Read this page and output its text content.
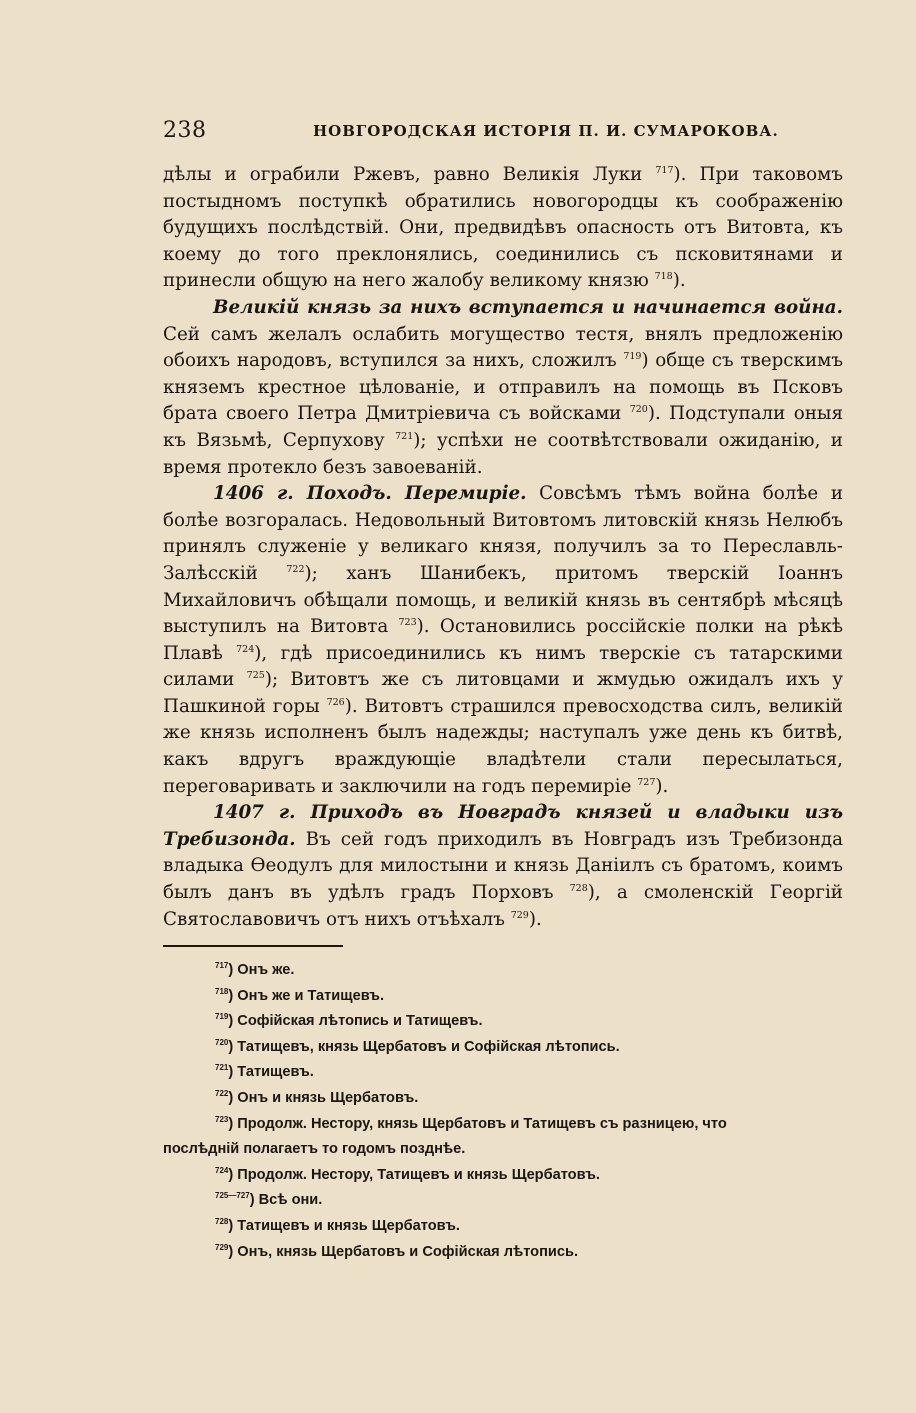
238	НОВГОРОДСКАЯ ИСТОРІЯ П. И. СУМАРОКОВА.

дѣлы и ограбили Ржевъ, равно Великія Луки $^{717}$). При таковомъ постыдномъ поступкѣ обратились новогородцы къ соображенію будущихъ послѣдствій. Они, предвидѣвъ опасность отъ Витовта, къ коему до того преклонялись, соединились съ псковитянами и принесли общую на него жалобу великому князю $^{718}$).

Великій князь за нихъ вступается и начинается война. Сей самъ желалъ ослабить могущество тестя, внялъ предложенію обоихъ народовъ, вступился за нихъ, сложилъ $^{719}$) обще съ тверскимъ княземъ крестное цѣлованіе, и отправилъ на помощь въ Псковъ брата своего Петра Дмитріевича съ войсками $^{720}$). Подступали оныя къ Вязьмѣ, Серпухову $^{721}$); успѣхи не соотвѣтствовали ожиданію, и время протекло безъ завоеваній.

1406 г. Походъ. Перемиріе. Совсѣмъ тѣмъ война болѣе и болѣе возгоралась. Недовольный Витовтомъ литовскій князь Нелюбъ принялъ служеніе у великаго князя, получилъ за то Переславль-Залѣсскій $^{722}$); ханъ Шанибекъ, притомъ тверскій Іоаннъ Михайловичъ обѣщали помощь, и великій князь въ сентябрѣ мѣсяцѣ выступилъ на Витовта $^{723}$). Остановились россійскіе полки на рѣкѣ Плавѣ $^{724}$), гдѣ присоединились къ нимъ тверскіе съ татарскими силами $^{725}$); Витовтъ же съ литовцами и жмудью ожидалъ ихъ у Пашкиной горы $^{726}$). Витовтъ страшился превосходства силъ, великій же князь исполненъ былъ надежды; наступалъ уже день къ битвѣ, какъ вдругъ враждующіе владѣтели стали пересылаться, переговаривать и заключили на годъ перемиріе $^{727}$).

1407 г. Приходъ въ Новградъ князей и владыки изъ Требизонда. Въ сей годъ приходилъ въ Новградъ изъ Требизонда владыка Ѳеодулъ для милостыни и князь Даніилъ съ братомъ, коимъ былъ данъ въ удѣлъ градъ Порховъ $^{728}$), а смоленскій Георгій Святославовичъ отъ нихъ отъѣхалъ $^{729}$).

$^{717}$) Онъ же.
$^{718}$) Онъ же и Татищевъ.
$^{719}$) Софійская лѣтопись и Татищевъ.
$^{720}$) Татищевъ, князь Щербатовъ и Софійская лѣтопись.
$^{721}$) Татищевъ.
$^{722}$) Онъ и князь Щербатовъ.
$^{723}$) Продолж. Нестору, князь Щербатовъ и Татищевъ съ разницею, что
послѣдній полагаетъ то годомъ позднѣе.
$^{724}$) Продолж. Нестору, Татищевъ и князь Щербатовъ.
$^{725—727}$) Всѣ они.
$^{728}$) Татищевъ и князь Щербатовъ.
$^{729}$) Онъ, князь Щербатовъ и Софійская лѣтопись.
